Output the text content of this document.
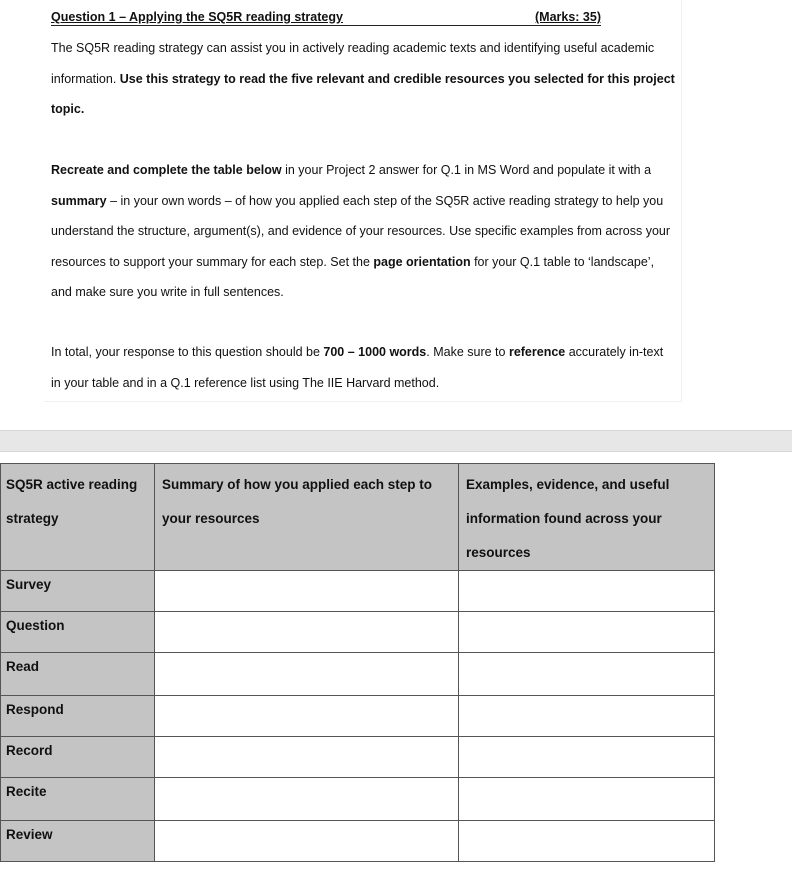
Question 1 – Applying the SQ5R reading strategy	(Marks: 35)
The SQ5R reading strategy can assist you in actively reading academic texts and identifying useful academic
information. Use this strategy to read the five relevant and credible resources you selected for this project
topic.
Recreate and complete the table below in your Project 2 answer for Q.1 in MS Word and populate it with a
summary – in your own words – of how you applied each step of the SQ5R active reading strategy to help you
understand the structure, argument(s), and evidence of your resources. Use specific examples from across your
resources to support your summary for each step. Set the page orientation for your Q.1 table to ‘landscape’,
and make sure you write in full sentences.
In total, your response to this question should be 700 – 1000 words. Make sure to reference accurately in-text
in your table and in a Q.1 reference list using The IIE Harvard method.
SQ5R active reading
strategy	Summary of how you applied each step to
your resources	Examples, evidence, and useful
information found across your
resources

Survey		

Question		

Read		

Respond		

Record		

Recite		

Review		
